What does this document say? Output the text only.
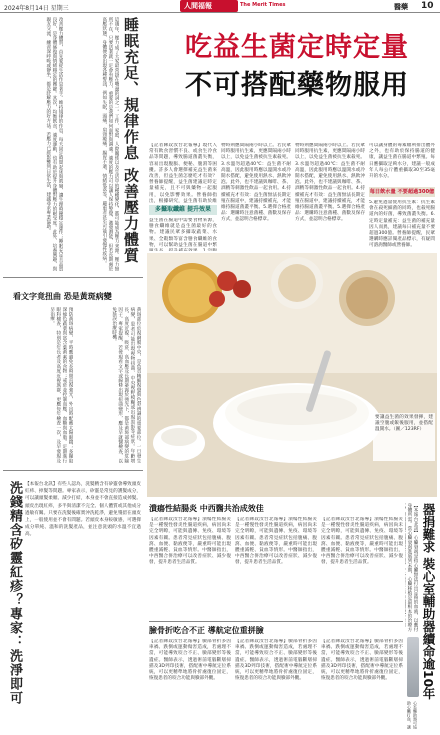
2024年8月14日 星期三	人間福報	The Merit Times	醫藥 10
睡眠充足、規律作息 改善壓力體質
這幾年，壓力成了大家最常掛在嘴邊的詞之一。工作、家庭、人際關係以及生活中的種種變化，都可能成為壓力來源。壓力無所不在，只要活著就一定會有壓力，重要的是我們如何面對與調適。適度的壓力可以讓人保持警覺、激發潛能，但若長期處於高壓狀態，身體便會出現各種警訊，例如失眠、頭痛、肩頸痠痛、腸胃不適、情緒低落等，嚴重者甚至可能引發慢性疾病。
改善壓力體質，首先要從生活作息著手。維持規律的作息，每天固定時間起床與就寢，讓生理時鐘穩定運作；睡眠充足且品質良好，是身體修復與情緒穩定的關鍵。其次，均衡飲食、適度運動，也有助於提升身體對壓力的耐受度。此外，培養興趣、與親友交流、練習深呼吸或靜坐，都是紓解壓力的好方法。若壓力已經影響到日常生活，建議尋求專業協助。
看文字竟扭曲 恐是黃斑病變
黃斑部位於視網膜中央，是負責精細視覺與色彩辨識的重要部位。一旦發生病變，患者可能出現視物扭曲、中央視野模糊或出現黑影等症狀。年齡增長、高度近視、吸菸、高血壓及長期暴露於強光下，都是黃斑部病變的危險因子。專家提醒，若發現看文字或線條出現扭曲變形，應及早就醫檢查，以免延誤治療時機。
預防黃斑病變，平時應避免長時間直視強光，外出時配戴太陽眼鏡；多攝取深綠色蔬菜與富含葉黃素的食物；戒菸並控制血壓、血糖與血脂。定期進行眼科檢查，特別是年長者及高度近視族群，更應每年檢查一次，及早發現及早治療。
洗錢精含矽靈紅疹？專家：洗淨即可 【本報台北訊】有些人認為，洗髮精含有矽靈會導致頭皮紅疹、掉髮等問題。專家表示，矽靈是常見的護髮成分，可以讓頭髮柔順、減少打結，本身並不會直接造成掉髮。頭皮出現紅疹，多半與清潔不完全、個人體質或其他成分過敏有關。只要在洗髮後確實沖洗乾淨，避免殘留在頭皮上，一般使用並不會有問題。若頭皮本身較敏感，可選擇成分單純、溫和的洗髮產品，並注意洗頭的水溫不宜過高。
吃益生菌定時定量
不可搭配藥物服用
【記者陳玟汝台北報導】現代人常有飲食習慣不良、或食生冷食品等問題，導致腸道菌叢失衡，容易出現腹脹、便秘、腹瀉等困擾。許多人會選擇補充益生菌來改善，但益生菌怎麼吃才有效？營養師提醒，益生菌建議定時定量補充，且不可與藥物一起服用，以免影響效果。營養師指出，根據研究，益生菌有助於維
多攝取纖維 提升效果
益生菌在腸道中需要食物來源，膳食纖維就是益生菌最好的食物。建議民眾多攝取蔬菜、水果、全穀類等富含膳食纖維的食物，可以幫助益生菌在腸道中繁
物時則應間隔兩小時以上。若民眾同時服用抗生素，更應間隔兩小時以上，以免益生菌被抗生素殺死。3.水溫勿超過40℃：益生菌不耐高溫，因此服用時應以溫開水或冷開水搭配，避免使用熱水、熱飲沖泡。此外，也不建議與咖啡、茶、酒精等刺激性飲品一起食用。4.持續補充才有效：益生菌無法長期定殖在腸道中，建議持續補充，才能維持腸道菌叢平衡。5.選擇合格產品：選購時注意菌種、菌數及保存方式，並認明合格標章。
物時則應間隔兩小時以上。若民眾同時服用抗生素，更應間隔兩小時以上，以免益生菌被抗生素殺死。3.水溫勿超過40℃：益生菌不耐高溫，因此服用時應以溫開水或冷開水搭配，避免使用熱水、熱飲沖泡。此外，也不建議與咖啡、茶、酒精等刺激性飲品一起食用。4.持續補充才有效：益生菌無法長期定殖在腸道中，建議持續補充，才能維持腸道菌叢平衡。5.選擇合格產品：選購時注意菌種、菌數及保存方式，並認明合格標章。
可以讓身體的毒素順利排出體外之外，也有助於保持腸道的健康，讓益生菌在腸道中繁殖。每日應攝取足夠水分，建議一般成年人每公斤體重攝取30至35毫升的水分。
每日飲水量 不要超過300億
5.避免過量使用抗生素：抗生素會在殺死細菌的同時，也殺死腸道內的好菌，導致菌叢失衡。6.定時定量補充：益生菌的補充量因人而異，建議每日補充量不要超過300億。營養師提醒，民眾選購時應詳閱產品標示，有疑問可諮詢醫師或營養師。
要讓益生菌的效果發揮，建議空腹或飯後服用，並搭配溫開水。（圖／123RF）
潰瘍性結腸炎 中西醫共治成效佳
【記者陳玟汝台北報導】潰瘍性結腸炎是一種慢性發炎性腸道疾病，病因尚未完全明瞭，可能與遺傳、免疫、環境等因素有關。患者常見症狀包括腹痛、腹瀉、血便、黏液便等，嚴重時可能出現體重減輕、貧血等情形。中醫師指出，中西醫合併治療可以改善症狀、減少復發，提升患者生活品質。
【記者陳玟汝台北報導】潰瘍性結腸炎是一種慢性發炎性腸道疾病，病因尚未完全明瞭，可能與遺傳、免疫、環境等因素有關。患者常見症狀包括腹痛、腹瀉、血便、黏液便等，嚴重時可能出現體重減輕、貧血等情形。中醫師指出，中西醫合併治療可以改善症狀、減少復發，提升患者生活品質。
【記者陳玟汝台北報導】潰瘍性結腸炎是一種慢性發炎性腸道疾病，病因尚未完全明瞭，可能與遺傳、免疫、環境等因素有關。患者常見症狀包括腹痛、腹瀉、血便、黏液便等，嚴重時可能出現體重減輕、貧血等情形。中醫師指出，中西醫合併治療可以改善症狀、減少復發，提升患者生活品質。
臉骨折吃合不正 導航定位重拼臉
【記者陳玟汝台北報導】臉部骨折多因車禍、跌倒或運動傷害造成，若處理不當，可能導致咬合不正、臉部變形等後遺症。醫師表示，透過術前電腦斷層掃描及3D列印技術，搭配術中導航定位系統，可以更精準地將骨折處復位固定，恢復患者的咬合功能與臉部外觀。
【記者陳玟汝台北報導】臉部骨折多因車禍、跌倒或運動傷害造成，若處理不當，可能導致咬合不正、臉部變形等後遺症。醫師表示，透過術前電腦斷層掃描及3D列印技術，搭配術中導航定位系統，可以更精準地將骨折處復位固定，恢復患者的咬合功能與臉部外觀。
【記者陳玟汝台北報導】臉部骨折多因車禍、跌倒或運動傷害造成，若處理不當，可能導致咬合不正、臉部變形等後遺症。醫師表示，透過術前電腦斷層掃描及3D列印技術，搭配術中導航定位系統，可以更精準地將骨折處復位固定，恢復患者的咬合功能與臉部外觀。	器捐難求 裝心室輔助器續命逾10年
【本報台北訊】心臟衰竭是指心臟無法打出足夠的血液，以應付身體所需。當心臟衰竭進展到末期，心臟移植是最根本的治療方
心室輔助器可協助心臟打血，讓
